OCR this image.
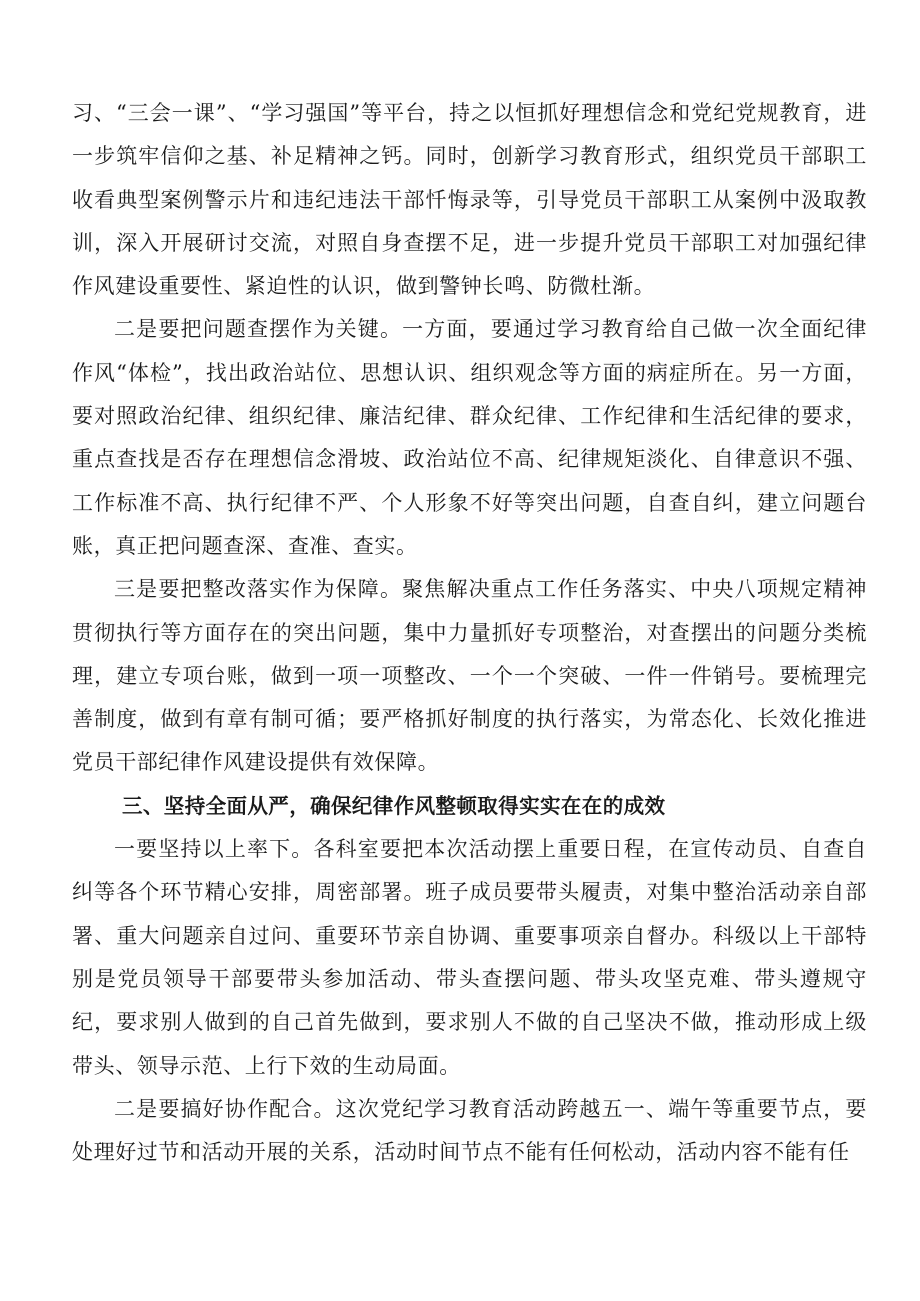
习、“三会一课”、“学习强国”等平台，持之以恒抓好理想信念和党纪党规教育，进一步筑牢信仰之基、补足精神之钙。同时，创新学习教育形式，组织党员干部职工收看典型案例警示片和违纪违法干部忏悔录等，引导党员干部职工从案例中汲取教训，深入开展研讨交流，对照自身查摆不足，进一步提升党员干部职工对加强纪律作风建设重要性、紧迫性的认识，做到警钟长鸣、防微杜渐。

二是要把问题查摆作为关键。一方面，要通过学习教育给自己做一次全面纪律作风“体检”，找出政治站位、思想认识、组织观念等方面的病症所在。另一方面，要对照政治纪律、组织纪律、廉洁纪律、群众纪律、工作纪律和生活纪律的要求，重点查找是否存在理想信念滑坡、政治站位不高、纪律规矩淡化、自律意识不强、工作标准不高、执行纪律不严、个人形象不好等突出问题，自查自纠，建立问题台账，真正把问题查深、查准、查实。

三是要把整改落实作为保障。聚焦解决重点工作任务落实、中央八项规定精神贯彻执行等方面存在的突出问题，集中力量抓好专项整治，对查摆出的问题分类梳理，建立专项台账，做到一项一项整改、一个一个突破、一件一件销号。要梳理完善制度，做到有章有制可循；要严格抓好制度的执行落实，为常态化、长效化推进党员干部纪律作风建设提供有效保障。

三、坚持全面从严，确保纪律作风整顿取得实实在在的成效

一要坚持以上率下。各科室要把本次活动摆上重要日程，在宣传动员、自查自纠等各个环节精心安排，周密部署。班子成员要带头履责，对集中整治活动亲自部署、重大问题亲自过问、重要环节亲自协调、重要事项亲自督办。科级以上干部特别是党员领导干部要带头参加活动、带头查摆问题、带头攻坚克难、带头遵规守纪，要求别人做到的自己首先做到，要求别人不做的自己坚决不做，推动形成上级带头、领导示范、上行下效的生动局面。

二是要搞好协作配合。这次党纪学习教育活动跨越五一、端午等重要节点，要处理好过节和活动开展的关系，活动时间节点不能有任何松动，活动内容不能有任
